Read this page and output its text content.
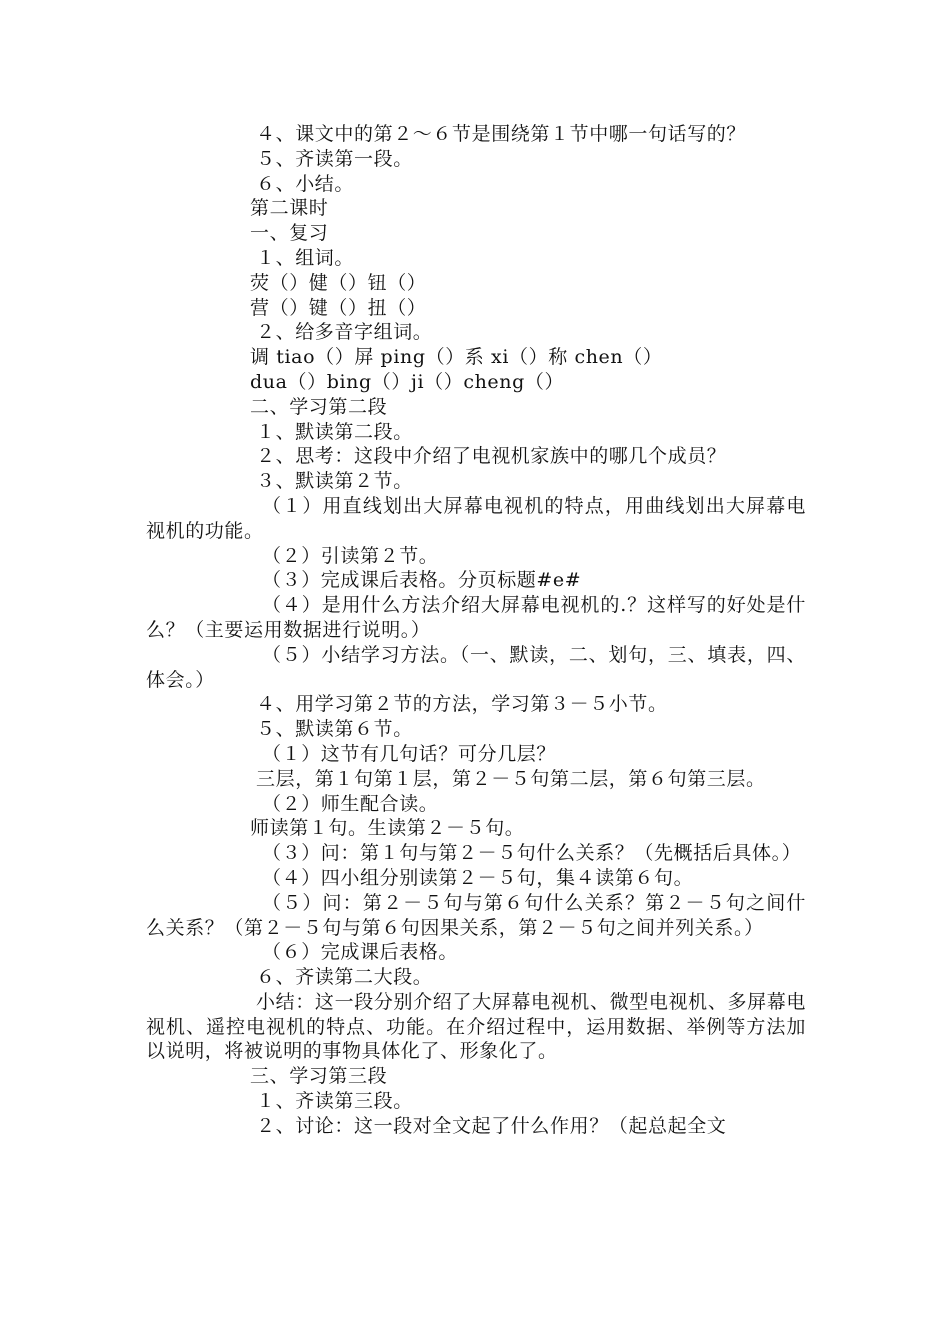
４、课文中的第２～６节是围绕第１节中哪一句话写的？
５、齐读第一段。
６、小结。
第二课时
一、复习
１、组词。
荧（）健（）钮（）
营（）键（）扭（）
２、给多音字组词。
调 tiao（）屏 ping（）系 xi（）称 chen（）
dua（）bing（）ji（）cheng（）
二、学习第二段
１、默读第二段。
２、思考：这段中介绍了电视机家族中的哪几个成员？
３、默读第２节。
（１）用直线划出大屏幕电视机的特点，用曲线划出大屏幕电视机的功能。
（２）引读第２节。
（３）完成课后表格。分页标题#e#
（４）是用什么方法介绍大屏幕电视机的.？这样写的好处是什么？（主要运用数据进行说明。）
（５）小结学习方法。（一、默读，二、划句，三、填表，四、体会。）
４、用学习第２节的方法，学习第３－５小节。
５、默读第６节。
（１）这节有几句话？可分几层？
三层，第１句第１层，第２－５句第二层，第６句第三层。
（２）师生配合读。
师读第１句。生读第２－５句。
（３）问：第１句与第２－５句什么关系？（先概括后具体。）
（４）四小组分别读第２－５句，集４读第６句。
（５）问：第２－５句与第６句什么关系？第２－５句之间什么关系？（第２－５句与第６句因果关系，第２－５句之间并列关系。）
（６）完成课后表格。
６、齐读第二大段。
小结：这一段分别介绍了大屏幕电视机、微型电视机、多屏幕电视机、遥控电视机的特点、功能。在介绍过程中，运用数据、举例等方法加以说明，将被说明的事物具体化了、形象化了。
三、学习第三段
１、齐读第三段。
２、讨论：这一段对全文起了什么作用？（起总起全文
